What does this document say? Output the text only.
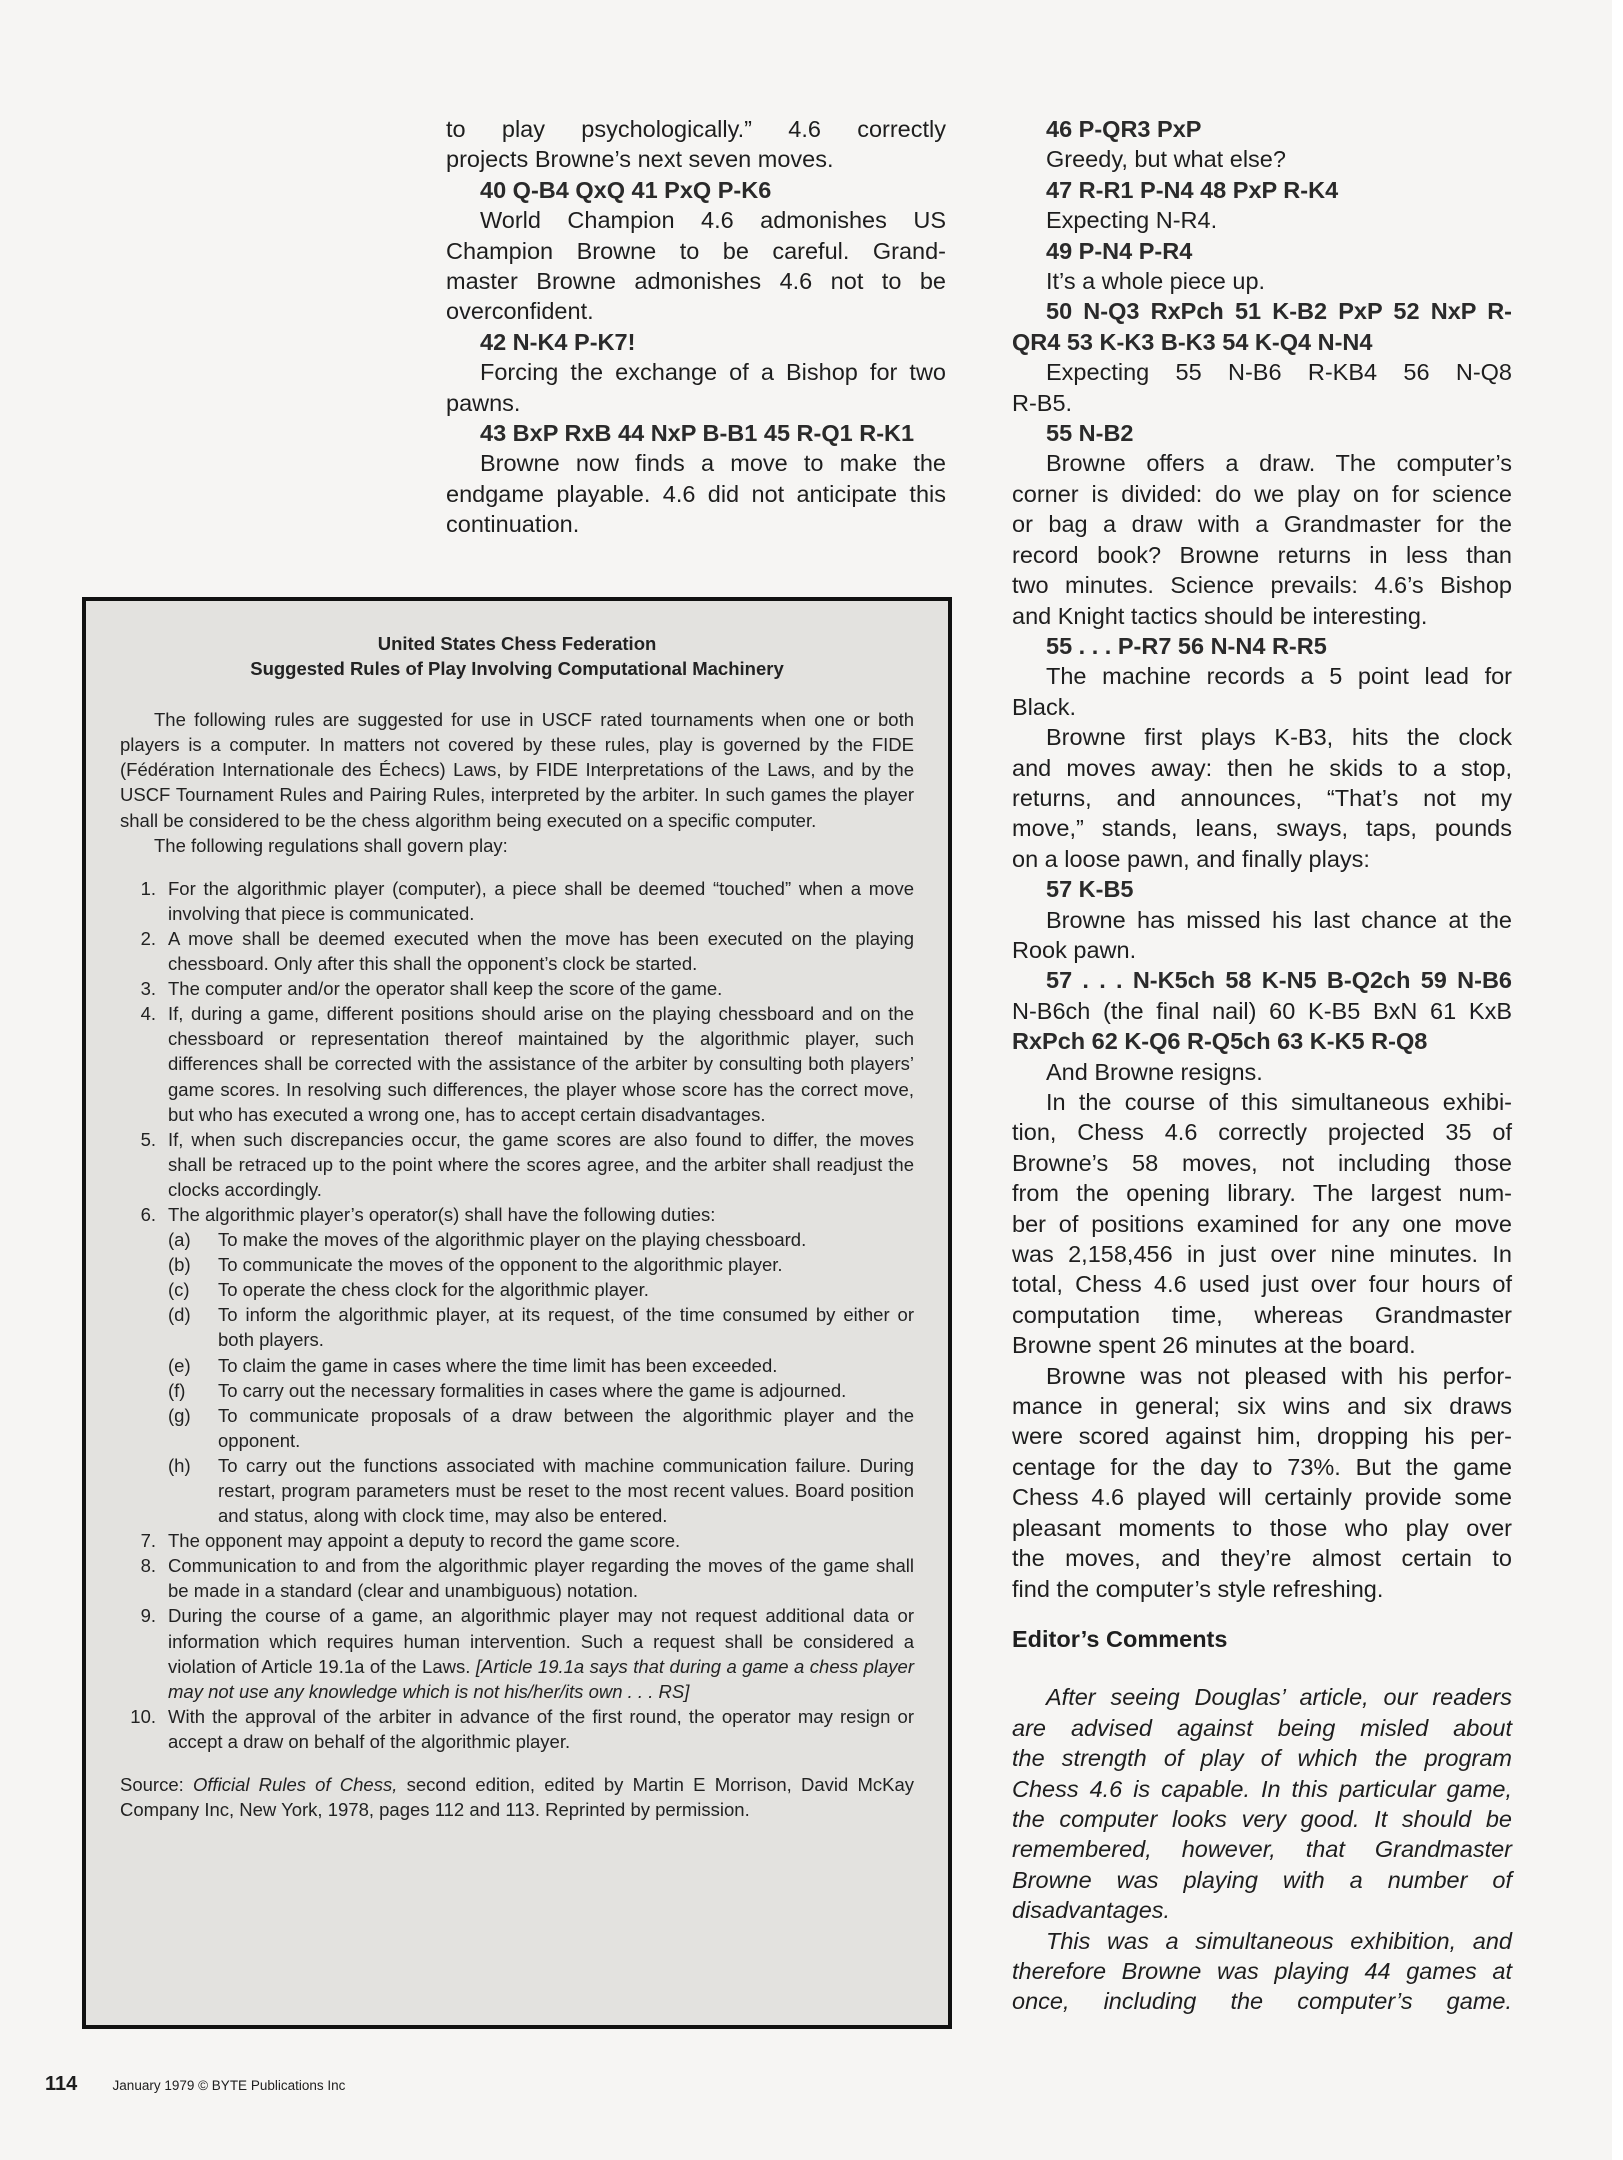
to play psychologically.” 4.6 correctly

projects Browne’s next seven moves.

40 Q-B4 QxQ 41 PxQ P-K6

World Champion 4.6 admonishes US

Champion Browne to be careful. Grand-

master Browne admonishes 4.6 not to be

overconfident.

42 N-K4 P-K7!

Forcing the exchange of a Bishop for two

pawns.

43 BxP RxB 44 NxP B-B1 45 R-Q1 R-K1

Browne now finds a move to make the

endgame playable. 4.6 did not anticipate this

continuation.

46 P-QR3 PxP

Greedy, but what else?

47 R-R1 P-N4 48 PxP R-K4

Expecting N-R4.

49 P-N4 P-R4

It’s a whole piece up.

50 N-Q3 RxPch 51 K-B2 PxP 52 NxP R-

QR4 53 K-K3 B-K3 54 K-Q4 N-N4

Expecting 55 N-B6 R-KB4 56 N-Q8

R-B5.

55 N-B2

Browne offers a draw. The computer’s

corner is divided: do we play on for science

or bag a draw with a Grandmaster for the

record book? Browne returns in less than

two minutes. Science prevails: 4.6’s Bishop

and Knight tactics should be interesting.

55 . . . P-R7 56 N-N4 R-R5

The machine records a 5 point lead for

Black.

Browne first plays K-B3, hits the clock

and moves away: then he skids to a stop,

returns, and announces, “That’s not my

move,” stands, leans, sways, taps, pounds

on a loose pawn, and finally plays:

57 K-B5

Browne has missed his last chance at the

Rook pawn.

57 . . . N-K5ch 58 K-N5 B-Q2ch 59 N-B6

N-B6ch (the final nail) 60 K-B5 BxN 61 KxB

RxPch 62 K-Q6 R-Q5ch 63 K-K5 R-Q8

And Browne resigns.

In the course of this simultaneous exhibi-

tion, Chess 4.6 correctly projected 35 of

Browne’s 58 moves, not including those

from the opening library. The largest num-

ber of positions examined for any one move

was 2,158,456 in just over nine minutes. In

total, Chess 4.6 used just over four hours of

computation time, whereas Grandmaster

Browne spent 26 minutes at the board.

Browne was not pleased with his perfor-

mance in general; six wins and six draws

were scored against him, dropping his per-

centage for the day to 73%. But the game

Chess 4.6 played will certainly provide some

pleasant moments to those who play over

the moves, and they’re almost certain to

find the computer’s style refreshing.

Editor’s Comments

After seeing Douglas’ article, our readers

are advised against being misled about

the strength of play of which the program

Chess 4.6 is capable. In this particular game,

the computer looks very good. It should be

remembered, however, that Grandmaster

Browne was playing with a number of

disadvantages.

This was a simultaneous exhibition, and

therefore Browne was playing 44 games at

once, including the computer’s game.

United States Chess Federation

Suggested Rules of Play Involving Computational Machinery

The following rules are suggested for use in USCF rated tournaments when one or both players is a computer. In matters not covered by these rules, play is governed by the FIDE (Fédération Internationale des Échecs) Laws, by FIDE Interpretations of the Laws, and by the USCF Tournament Rules and Pairing Rules, interpreted by the arbiter. In such games the player shall be considered to be the chess algorithm being executed on a specific computer.

The following regulations shall govern play:

1. For the algorithmic player (computer), a piece shall be deemed “touched” when a move involving that piece is communicated.
2. A move shall be deemed executed when the move has been executed on the playing chessboard. Only after this shall the opponent’s clock be started.
3. The computer and/or the operator shall keep the score of the game.
4. If, during a game, different positions should arise on the playing chessboard and on the chessboard or representation thereof maintained by the algorithmic player, such differences shall be corrected with the assistance of the arbiter by consulting both players’ game scores. In resolving such differences, the player whose score has the correct move, but who has executed a wrong one, has to accept certain disadvantages.
5. If, when such discrepancies occur, the game scores are also found to differ, the moves shall be retraced up to the point where the scores agree, and the arbiter shall readjust the clocks accordingly.
6. The algorithmic player’s operator(s) shall have the following duties:
(a) To make the moves of the algorithmic player on the playing chessboard.
(b) To communicate the moves of the opponent to the algorithmic player.
(c) To operate the chess clock for the algorithmic player.
(d) To inform the algorithmic player, at its request, of the time consumed by either or both players.
(e) To claim the game in cases where the time limit has been exceeded.
(f) To carry out the necessary formalities in cases where the game is adjourned.
(g) To communicate proposals of a draw between the algorithmic player and the opponent.
(h) To carry out the functions associated with machine communication failure. During restart, program parameters must be reset to the most recent values. Board position and status, along with clock time, may also be entered.
7. The opponent may appoint a deputy to record the game score.
8. Communication to and from the algorithmic player regarding the moves of the game shall be made in a standard (clear and unambiguous) notation.
9. During the course of a game, an algorithmic player may not request additional data or information which requires human intervention. Such a request shall be considered a violation of Article 19.1a of the Laws. [Article 19.1a says that during a game a chess player may not use any knowledge which is not his/her/its own . . . RS]
10. With the approval of the arbiter in advance of the first round, the operator may resign or accept a draw on behalf of the algorithmic player.

Source: Official Rules of Chess, second edition, edited by Martin E Morrison, David McKay Company Inc, New York, 1978, pages 112 and 113. Reprinted by permission.

114	January 1979 © BYTE Publications Inc
